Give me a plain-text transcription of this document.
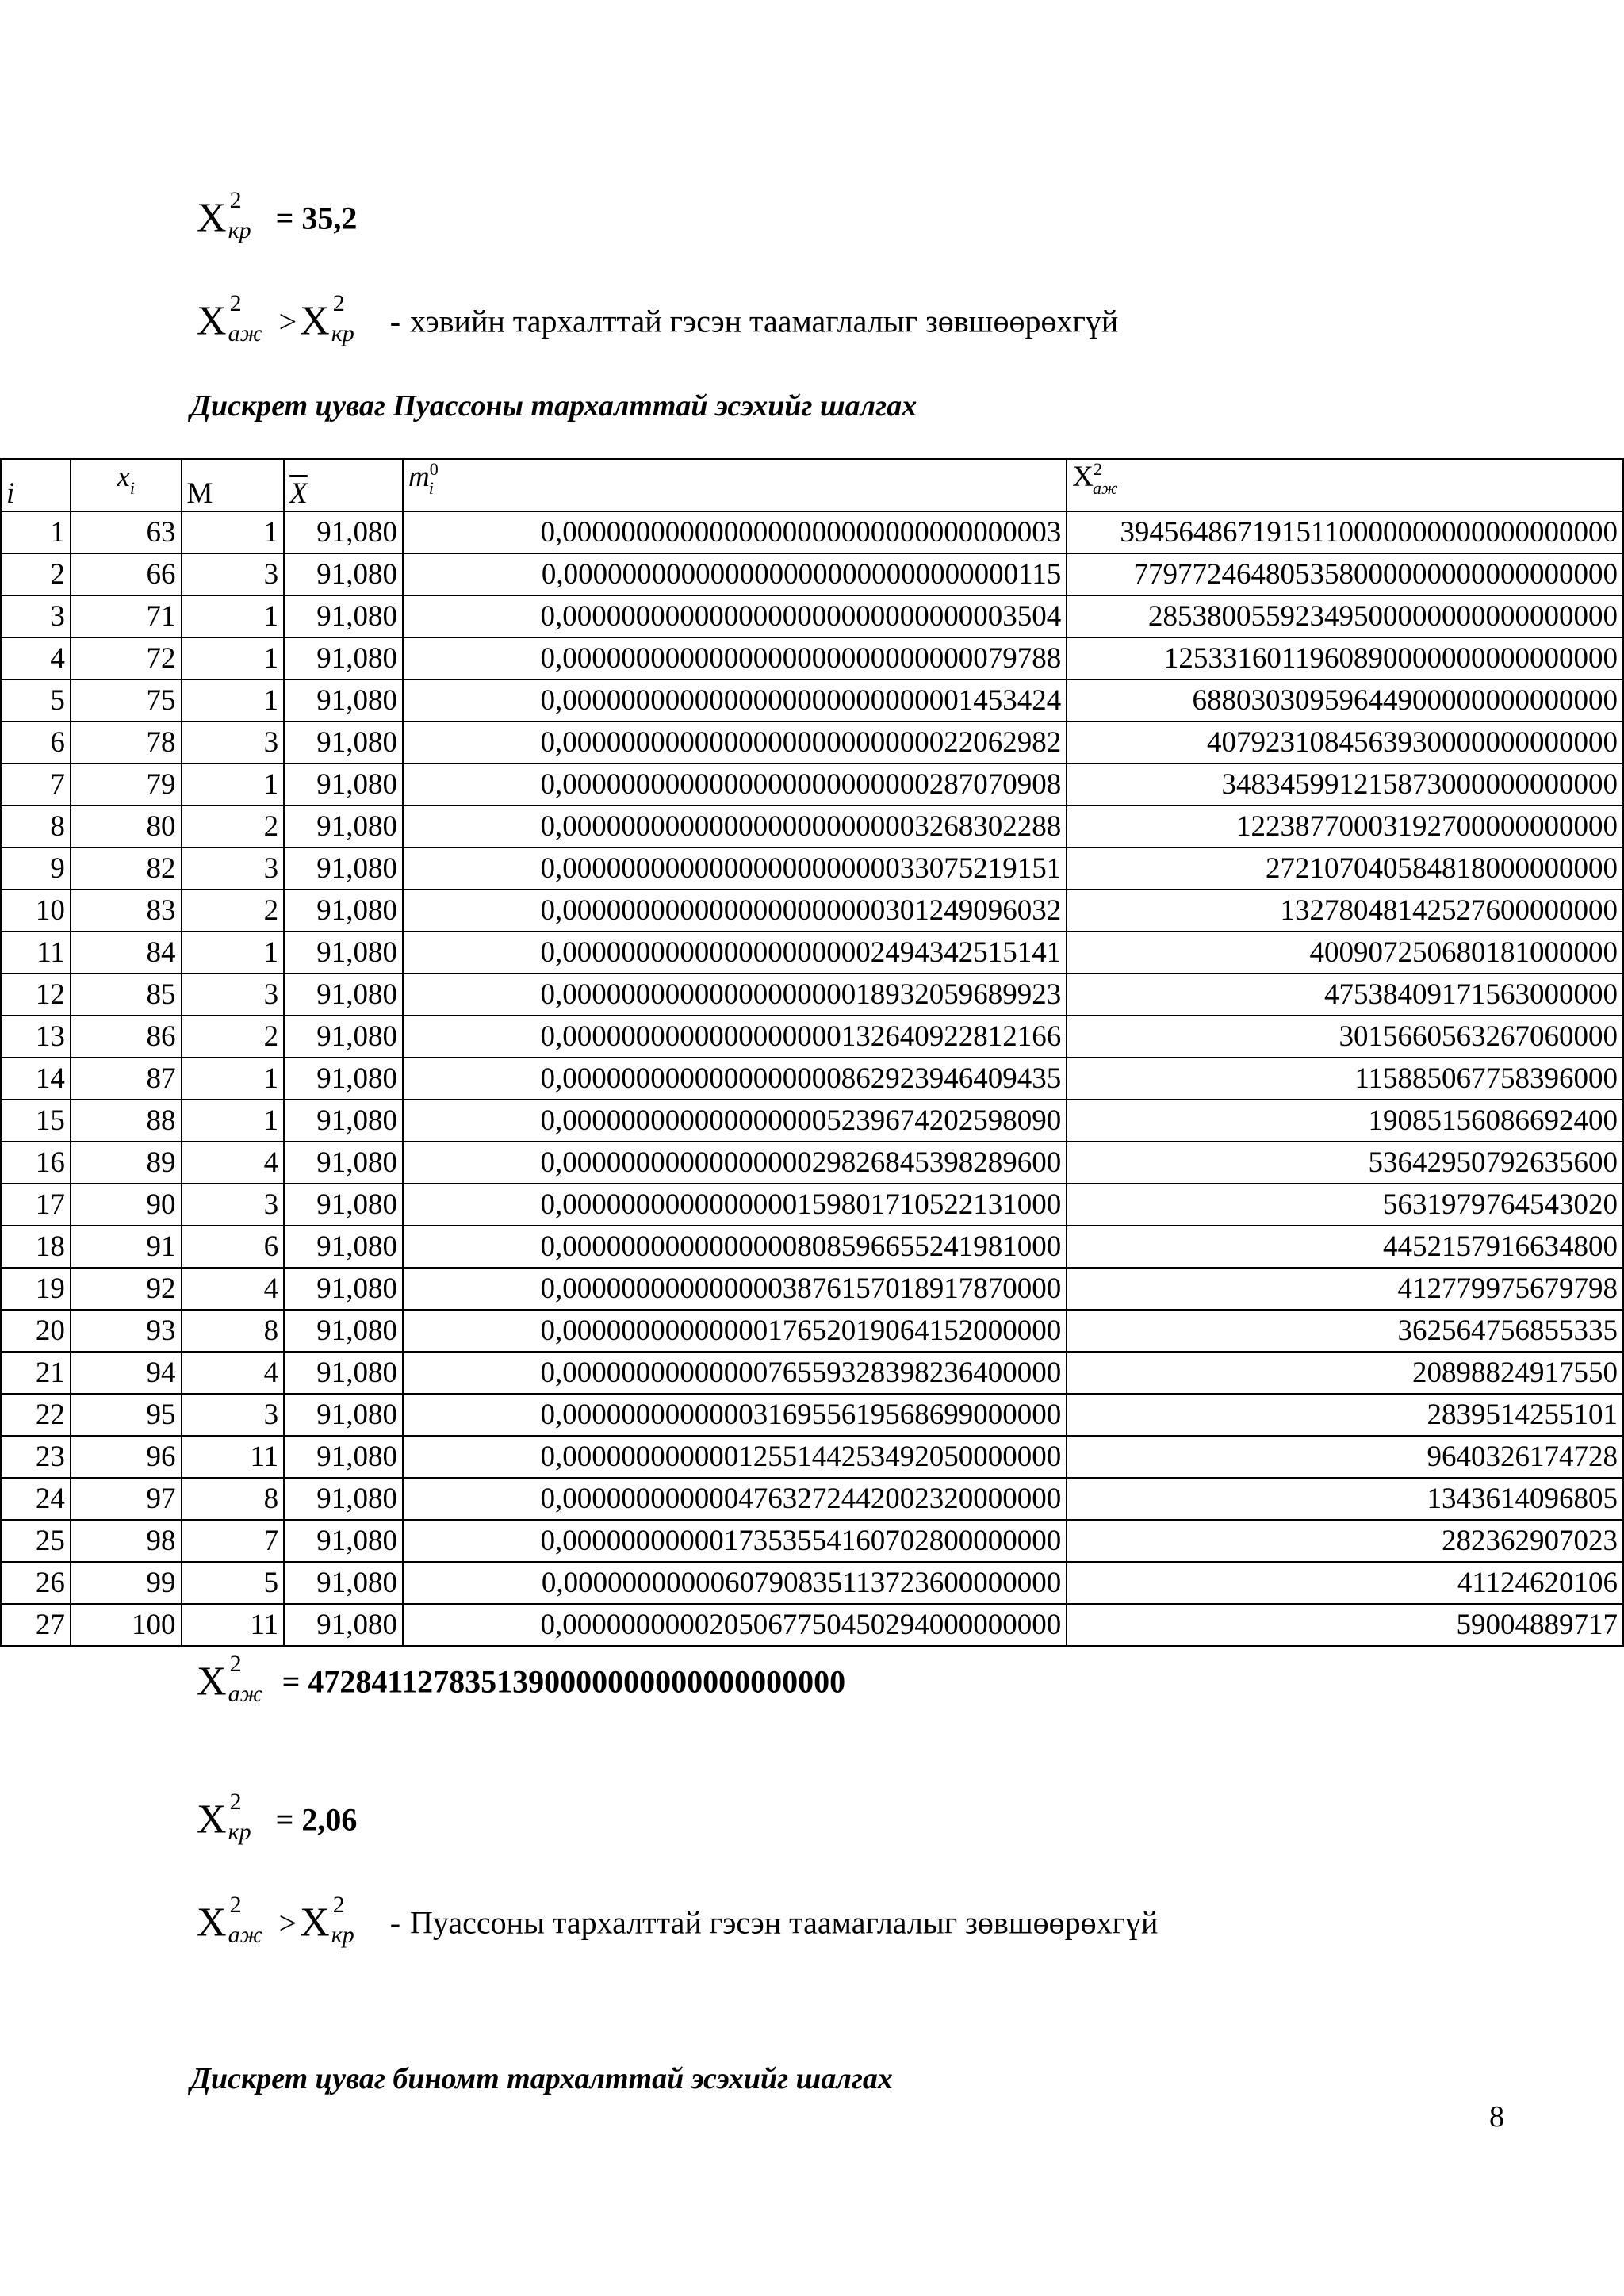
Χ 2
кр = 35,2
Χ 2
аж >Χ 2
кр - хэвийн тархалттай гэсэн таамаглалыг зөвшөөрөхгүй
Дискрет цуваг Пуассоны тархалттай эсэхийг шалгах
i	$x_i$	M	$\overline{X}$	$m^0_i$	$X^2_{аж}$
1	63	1	91,080	0,0000000000000000000000000000000003	3945648671915110000000000000000000
2	66	3	91,080	0,0000000000000000000000000000000115	779772464805358000000000000000000
3	71	1	91,080	0,0000000000000000000000000000003504	28538005592349500000000000000000
4	72	1	91,080	0,0000000000000000000000000000079788	1253316011960890000000000000000
5	75	1	91,080	0,0000000000000000000000000001453424	68803030959644900000000000000
6	78	3	91,080	0,0000000000000000000000000022062982	4079231084563930000000000000
7	79	1	91,080	0,0000000000000000000000000287070908	348345991215873000000000000
8	80	2	91,080	0,0000000000000000000000003268302288	12238770003192700000000000
9	82	3	91,080	0,0000000000000000000000033075219151	272107040584818000000000
10	83	2	91,080	0,0000000000000000000000301249096032	13278048142527600000000
11	84	1	91,080	0,0000000000000000000002494342515141	400907250680181000000
12	85	3	91,080	0,0000000000000000000018932059689923	47538409171563000000
13	86	2	91,080	0,0000000000000000000132640922812166	3015660563267060000
14	87	1	91,080	0,0000000000000000000862923946409435	115885067758396000
15	88	1	91,080	0,0000000000000000005239674202598090	19085156086692400
16	89	4	91,080	0,0000000000000000029826845398289600	53642950792635600
17	90	3	91,080	0,0000000000000000159801710522131000	5631979764543020
18	91	6	91,080	0,0000000000000000808596655241981000	4452157916634800
19	92	4	91,080	0,0000000000000003876157018917870000	412779975679798
20	93	8	91,080	0,0000000000000017652019064152000000	362564756855335
21	94	4	91,080	0,0000000000000076559328398236400000	20898824917550
22	95	3	91,080	0,0000000000000316955619568699000000	2839514255101
23	96	11	91,080	0,0000000000001255144253492050000000	9640326174728
24	97	8	91,080	0,0000000000004763272442002320000000	1343614096805
25	98	7	91,080	0,0000000000017353554160702800000000	282362907023
26	99	5	91,080	0,0000000000060790835113723600000000	41124620106
27	100	11	91,080	0,0000000000205067750450294000000000	59004889717
Χ 2
аж = 4728411278351390000000000000000000
Χ 2
кр = 2,06
Χ 2
аж >Χ 2
кр - Пуассоны тархалттай гэсэн таамаглалыг зөвшөөрөхгүй
Дискрет цуваг биномт тархалттай эсэхийг шалгах
8
